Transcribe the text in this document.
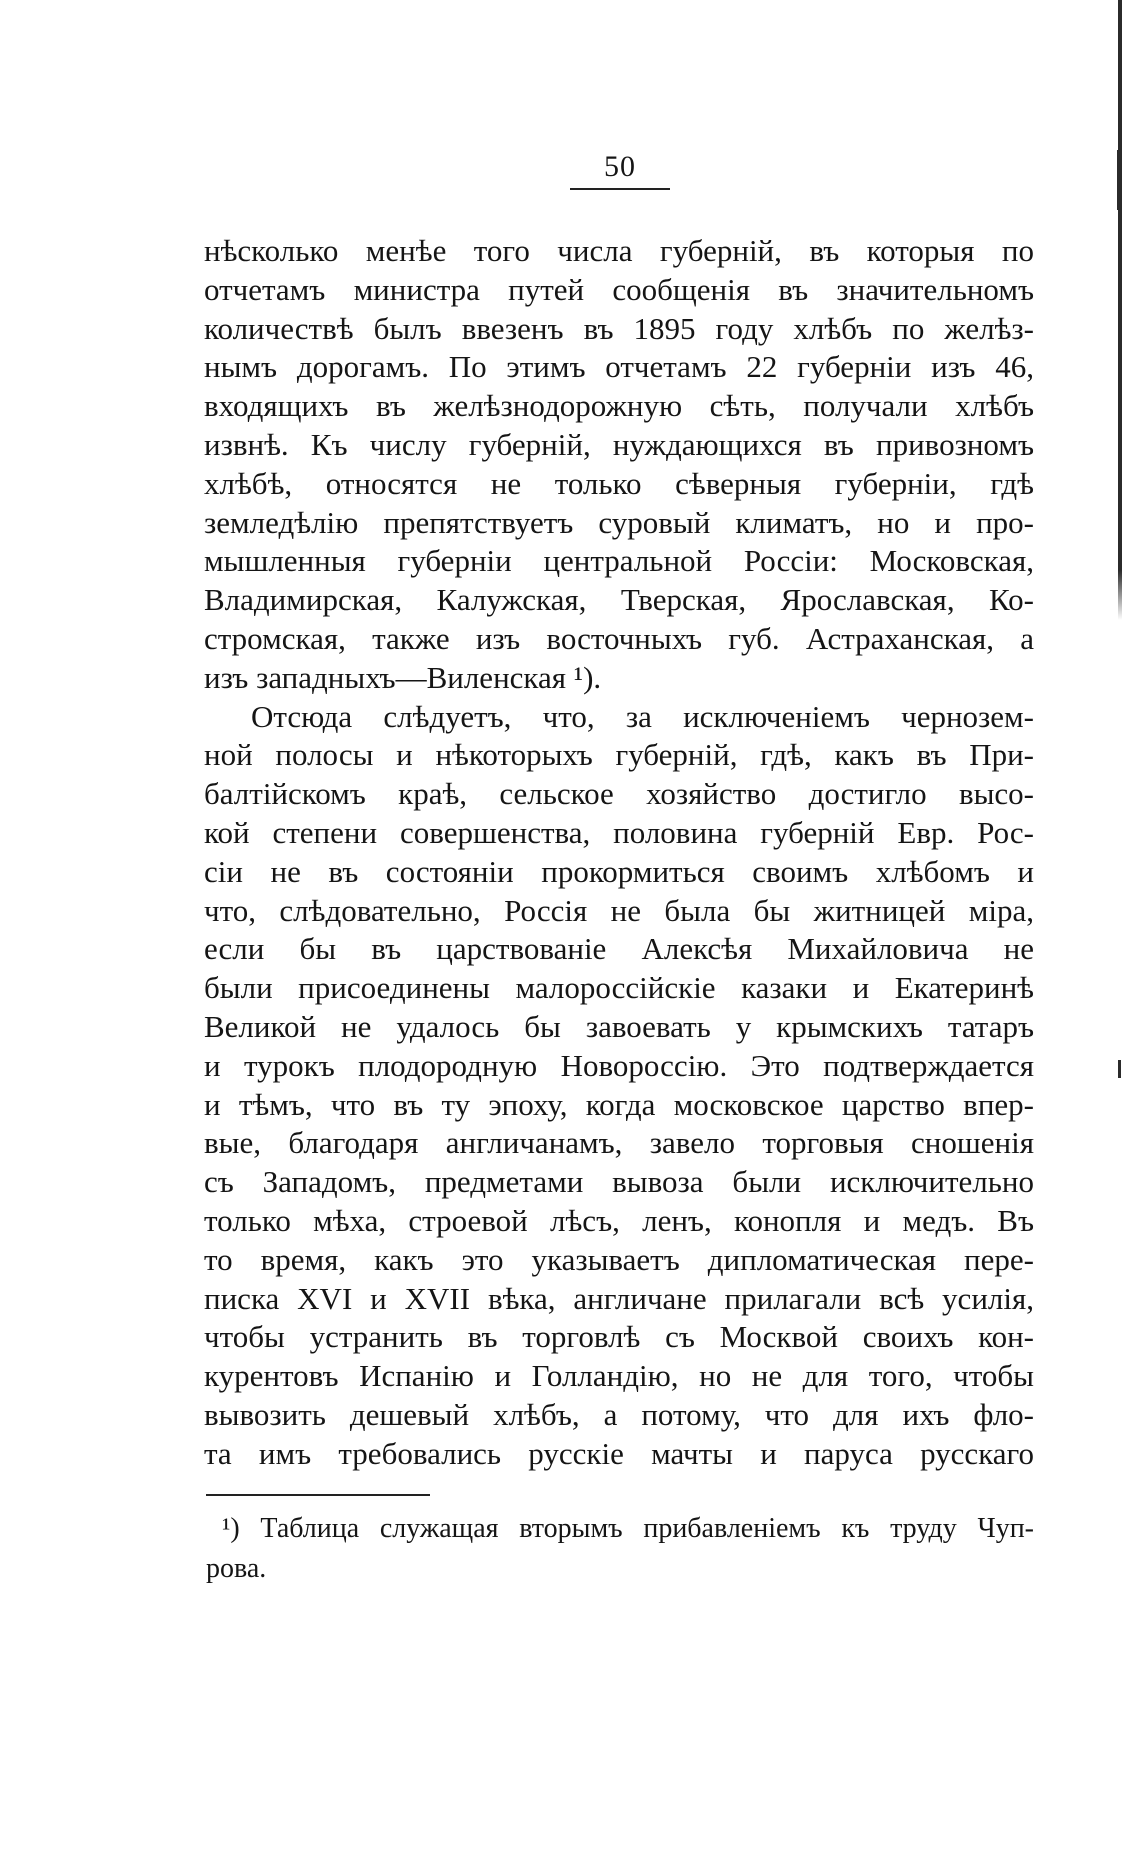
50
нѣсколько менѣе того числа губерній, въ которыя по
отчетамъ министра путей сообщенія въ значительномъ
количествѣ былъ ввезенъ въ 1895 году хлѣбъ по желѣз-
нымъ дорогамъ. По этимъ отчетамъ 22 губерніи изъ 46,
входящихъ въ желѣзнодорожную сѣть, получали хлѣбъ
извнѣ. Къ числу губерній, нуждающихся въ привозномъ
хлѣбѣ, относятся не только сѣверныя губерніи, гдѣ
земледѣлію препятствуетъ суровый климатъ, но и про-
мышленныя губерніи центральной Россіи: Московская,
Владимирская, Калужская, Тверская, Ярославская, Ко-
стромская, также изъ восточныхъ губ. Астраханская, а
изъ западныхъ—Виленская ¹).
Отсюда слѣдуетъ, что, за исключеніемъ чернозем-
ной полосы и нѣкоторыхъ губерній, гдѣ, какъ въ При-
балтійскомъ краѣ, сельское хозяйство достигло высо-
кой степени совершенства, половина губерній Евр. Рос-
сіи не въ состояніи прокормиться своимъ хлѣбомъ и
что, слѣдовательно, Россія не была бы житницей міра,
если бы въ царствованіе Алексѣя Михайловича не
были присоединены малороссійскіе казаки и Екатеринѣ
Великой не удалось бы завоевать у крымскихъ татаръ
и турокъ плодородную Новороссію. Это подтверждается
и тѣмъ, что въ ту эпоху, когда московское царство впер-
вые, благодаря англичанамъ, завело торговыя сношенія
съ Западомъ, предметами вывоза были исключительно
только мѣха, строевой лѣсъ, ленъ, конопля и медъ. Въ
то время, какъ это указываетъ дипломатическая пере-
писка XVI и XVII вѣка, англичане прилагали всѣ усилія,
чтобы устранить въ торговлѣ съ Москвой своихъ кон-
курентовъ Испанію и Голландію, но не для того, чтобы
вывозить дешевый хлѣбъ, а потому, что для ихъ фло-
та имъ требовались русскіе мачты и паруса русскаго
¹) Таблица служащая вторымъ прибавленіемъ къ труду Чуп-
рова.
